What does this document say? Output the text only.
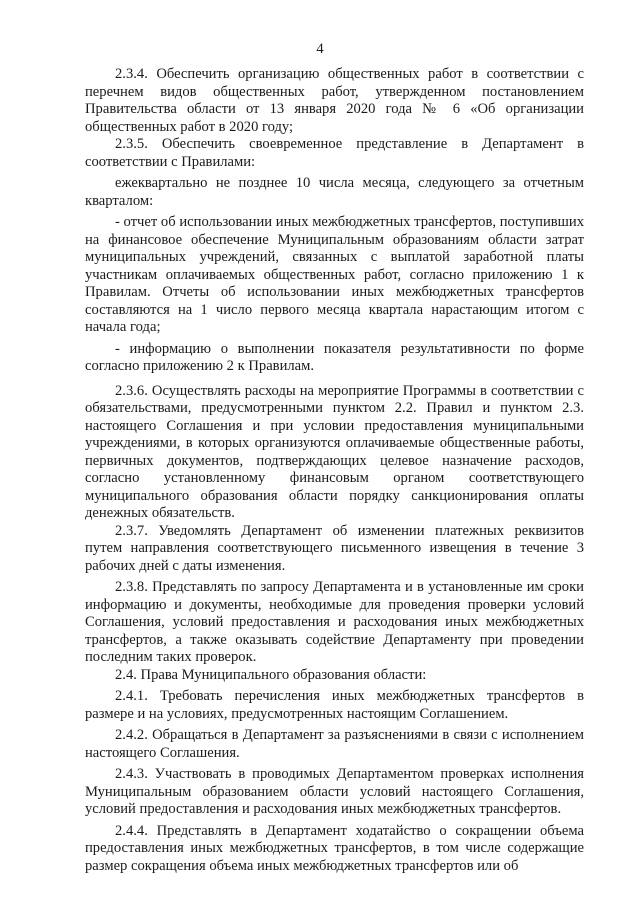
4

2.3.4. Обеспечить организацию общественных работ в соответствии с перечнем видов общественных работ, утвержденном постановлением Правительства области от 13 января 2020 года № 6 «Об организации общественных работ в 2020 году;

2.3.5. Обеспечить своевременное представление в Департамент в соответствии с Правилами:

ежеквартально не позднее 10 числа месяца, следующего за отчетным кварталом:

- отчет об использовании иных межбюджетных трансфертов, поступивших на финансовое обеспечение Муниципальным образованиям области затрат муниципальных учреждений, связанных с выплатой заработной платы участникам оплачиваемых общественных работ, согласно приложению 1 к Правилам. Отчеты об использовании иных межбюджетных трансфертов составляются на 1 число первого месяца квартала нарастающим итогом с начала года;

- информацию о выполнении показателя результативности по форме согласно приложению 2 к Правилам.

2.3.6. Осуществлять расходы на мероприятие Программы в соответствии с обязательствами, предусмотренными пунктом 2.2. Правил и пунктом 2.3. настоящего Соглашения и при условии предоставления муниципальными учреждениями, в которых организуются оплачиваемые общественные работы, первичных документов, подтверждающих целевое назначение расходов, согласно установленному финансовым органом соответствующего муниципального образования области порядку санкционирования оплаты денежных обязательств.

2.3.7. Уведомлять Департамент об изменении платежных реквизитов путем направления соответствующего письменного извещения в течение 3 рабочих дней с даты изменения.

2.3.8. Представлять по запросу Департамента и в установленные им сроки информацию и документы, необходимые для проведения проверки условий Соглашения, условий предоставления и расходования иных межбюджетных трансфертов, а также оказывать содействие Департаменту при проведении последним таких проверок.

2.4. Права Муниципального образования области:

2.4.1. Требовать перечисления иных межбюджетных трансфертов в размере и на условиях, предусмотренных настоящим Соглашением.

2.4.2. Обращаться в Департамент за разъяснениями в связи с исполнением настоящего Соглашения.

2.4.3. Участвовать в проводимых Департаментом проверках исполнения Муниципальным образованием области условий настоящего Соглашения, условий предоставления и расходования иных межбюджетных трансфертов.

2.4.4. Представлять в Департамент ходатайство о сокращении объема предоставления иных межбюджетных трансфертов, в том числе содержащие размер сокращения объема иных межбюджетных трансфертов или об
